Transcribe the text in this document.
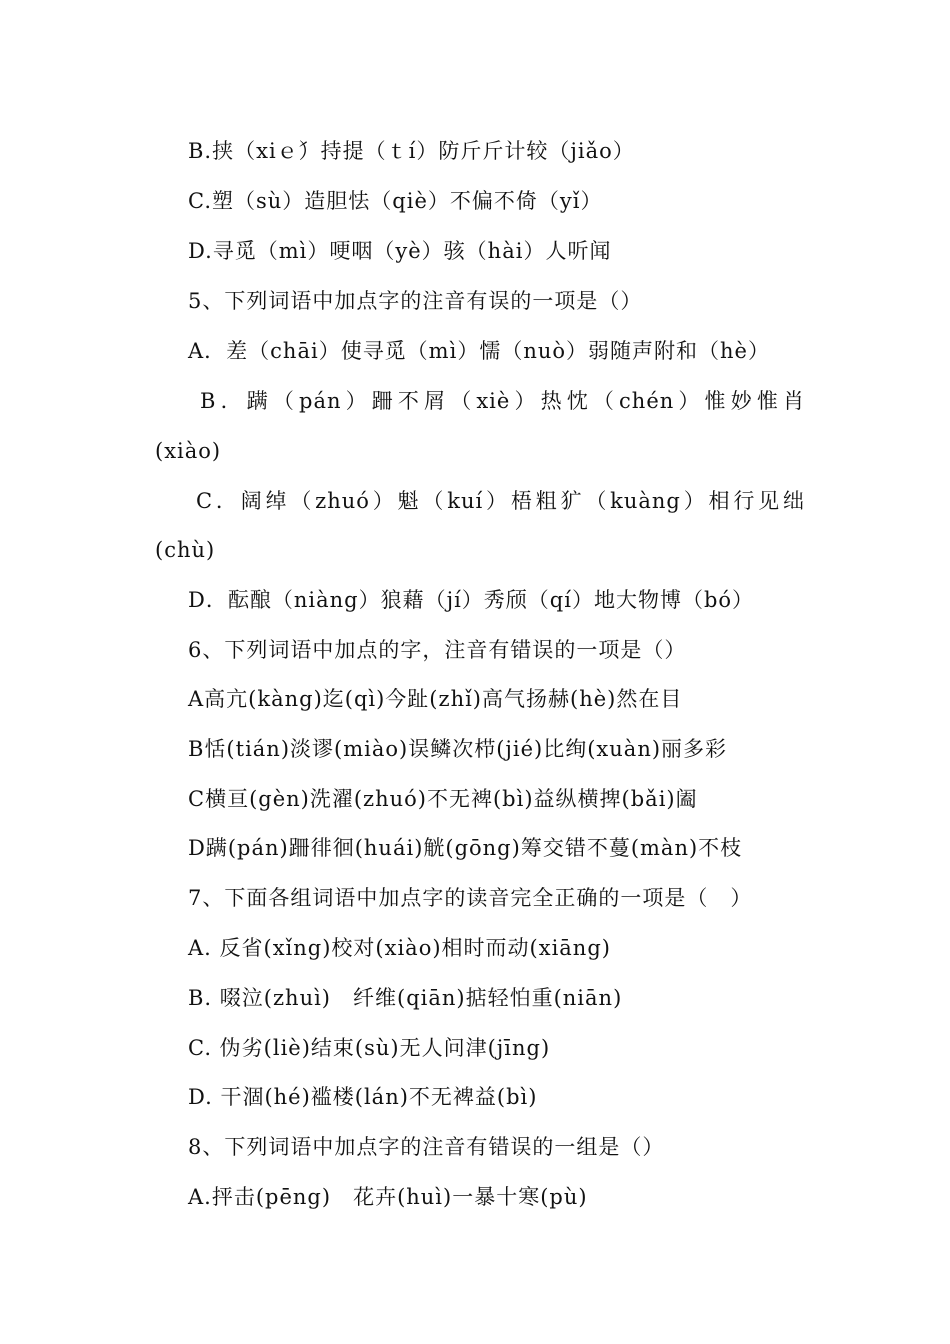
B.挟（xiｅ́）持提（ｔí）防斤斤计较（jiǎo）
C.塑（sù）造胆怯（qiè）不偏不倚（yǐ）
D.寻觅（mì）哽咽（yè）骇（hài）人听闻
5、下列词语中加点字的注音有误的一项是（）
A．差（chāi）使寻觅（mì）懦（nuò）弱随声附和（hè）
B．蹒（pán）跚不屑（xiè）热忱（chén）惟妙惟肖
(xiào)
C．阔绰（zhuó）魁（kuí）梧粗犷（kuàng）相行见绌
(chù)
D．酝酿（niàng）狼藉（jí）秀颀（qí）地大物博（bó）
6、下列词语中加点的字，注音有错误的一项是（）
A高亢(kàng)迄(qì)今趾(zhǐ)高气扬赫(hè)然在目
B恬(tián)淡谬(miào)误鳞次栉(jié)比绚(xuàn)丽多彩
C横亘(gèn)洗濯(zhuó)不无裨(bì)益纵横捭(bǎi)阖
D蹒(pán)跚徘徊(huái)觥(gōng)筹交错不蔓(màn)不枝
7、下面各组词语中加点字的读音完全正确的一项是（　）
A. 反省(xǐng)校对(xiào)相时而动(xiāng)
B. 啜泣(zhuì)　纤维(qiān)掂轻怕重(niān)
C. 伪劣(liè)结束(sù)无人问津(jīng)
D. 干涸(hé)褴楼(lán)不无裨益(bì)
8、下列词语中加点字的注音有错误的一组是（）
A.抨击(pēng)　花卉(huì)一暴十寒(pù)
